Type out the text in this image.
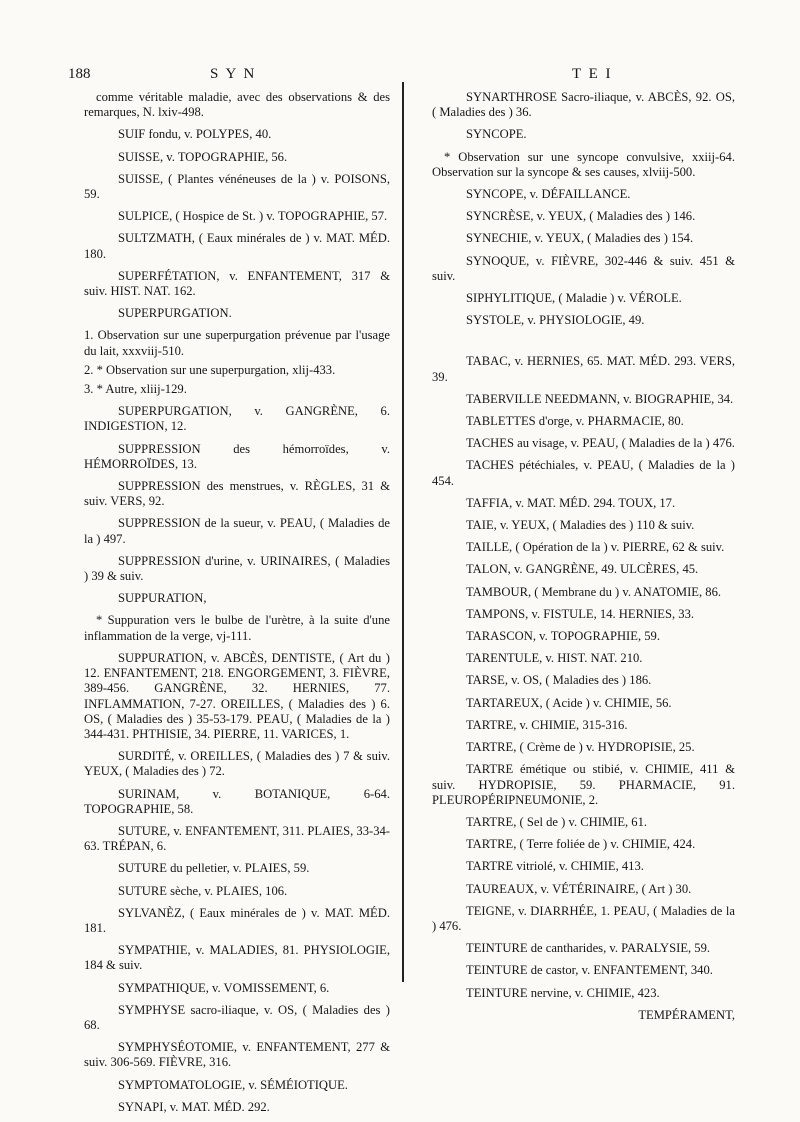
188	S Y N	T E I

comme véritable maladie, avec des observations & des remarques, N. lxiv-498.

SUIF fondu, v. POLYPES, 40.

SUISSE, v. TOPOGRAPHIE, 56.

SUISSE, ( Plantes vénéneuses de la ) v. POISONS, 59.

SULPICE, ( Hospice de St. ) v. TOPOGRAPHIE, 57.

SULTZMATH, ( Eaux minérales de ) v. MAT. MÉD. 180.

SUPERFÉTATION, v. ENFANTEMENT, 317 & suiv. HIST. NAT. 162.

SUPERPURGATION.

1. Observation sur une superpurgation prévenue par l'usage du lait, xxxviij-510.

2. * Observation sur une superpurgation, xlij-433.

3. * Autre, xliij-129.

SUPERPURGATION, v. GANGRÈNE, 6. INDIGESTION, 12.

SUPPRESSION des hémorroïdes, v. HÉMORROÏDES, 13.

SUPPRESSION des menstrues, v. RÈGLES, 31 & suiv. VERS, 92.

SUPPRESSION de la sueur, v. PEAU, ( Maladies de la ) 497.

SUPPRESSION d'urine, v. URINAIRES, ( Maladies ) 39 & suiv.

SUPPURATION,

* Suppuration vers le bulbe de l'urètre, à la suite d'une inflammation de la verge, vj-111.

SUPPURATION, v. ABCÈS, DENTISTE, ( Art du ) 12. ENFANTEMENT, 218. ENGORGEMENT, 3. FIÈVRE, 389-456. GANGRÈNE, 32. HERNIES, 77. INFLAMMATION, 7-27. OREILLES, ( Maladies des ) 6. OS, ( Maladies des ) 35-53-179. PEAU, ( Maladies de la ) 344-431. PHTHISIE, 34. PIERRE, 11. VARICES, 1.

SURDITÉ, v. OREILLES, ( Maladies des ) 7 & suiv. YEUX, ( Maladies des ) 72.

SURINAM, v. BOTANIQUE, 6-64. TOPOGRAPHIE, 58.

SUTURE, v. ENFANTEMENT, 311. PLAIES, 33-34-63. TRÉPAN, 6.

SUTURE du pelletier, v. PLAIES, 59.

SUTURE sèche, v. PLAIES, 106.

SYLVANÈZ, ( Eaux minérales de ) v. MAT. MÉD. 181.

SYMPATHIE, v. MALADIES, 81. PHYSIOLOGIE, 184 & suiv.

SYMPATHIQUE, v. VOMISSEMENT, 6.

SYMPHYSE sacro-iliaque, v. OS, ( Maladies des ) 68.

SYMPHYSÉOTOMIE, v. ENFANTEMENT, 277 & suiv. 306-569. FIÈVRE, 316.

SYMPTOMATOLOGIE, v. SÉMÉIOTIQUE.

SYNAPI, v. MAT. MÉD. 292.

SYNARTHROSE Sacro-iliaque, v. ABCÈS, 92. OS, ( Maladies des ) 36.

SYNCOPE.

* Observation sur une syncope convulsive, xxiij-64. Observation sur la syncope & ses causes, xlviij-500.

SYNCOPE, v. DÉFAILLANCE.

SYNCRÈSE, v. YEUX, ( Maladies des ) 146.

SYNECHIE, v. YEUX, ( Maladies des ) 154.

SYNOQUE, v. FIÈVRE, 302-446 & suiv. 451 & suiv.

SIPHYLITIQUE, ( Maladie ) v. VÉROLE.

SYSTOLE, v. PHYSIOLOGIE, 49.

TABAC, v. HERNIES, 65. MAT. MÉD. 293. VERS, 39.

TABERVILLE NEEDMANN, v. BIOGRAPHIE, 34.

TABLETTES d'orge, v. PHARMACIE, 80.

TACHES au visage, v. PEAU, ( Maladies de la ) 476.

TACHES pétéchiales, v. PEAU, ( Maladies de la ) 454.

TAFFIA, v. MAT. MÉD. 294. TOUX, 17.

TAIE, v. YEUX, ( Maladies des ) 110 & suiv.

TAILLE, ( Opération de la ) v. PIERRE, 62 & suiv.

TALON, v. GANGRÈNE, 49. ULCÈRES, 45.

TAMBOUR, ( Membrane du ) v. ANATOMIE, 86.

TAMPONS, v. FISTULE, 14. HERNIES, 33.

TARASCON, v. TOPOGRAPHIE, 59.

TARENTULE, v. HIST. NAT. 210.

TARSE, v. OS, ( Maladies des ) 186.

TARTAREUX, ( Acide ) v. CHIMIE, 56.

TARTRE, v. CHIMIE, 315-316.

TARTRE, ( Crème de ) v. HYDROPISIE, 25.

TARTRE émétique ou stibié, v. CHIMIE, 411 & suiv. HYDROPISIE, 59. PHARMACIE, 91. PLEUROPÉRIPNEUMONIE, 2.

TARTRE, ( Sel de ) v. CHIMIE, 61.

TARTRE, ( Terre foliée de ) v. CHIMIE, 424.

TARTRE vitriolé, v. CHIMIE, 413.

TAUREAUX, v. VÉTÉRINAIRE, ( Art ) 30.

TEIGNE, v. DIARRHÉE, 1. PEAU, ( Maladies de la ) 476.

TEINTURE de cantharides, v. PARALYSIE, 59.

TEINTURE de castor, v. ENFANTEMENT, 340.

TEINTURE nervine, v. CHIMIE, 423.

TEMPÉRAMENT,
